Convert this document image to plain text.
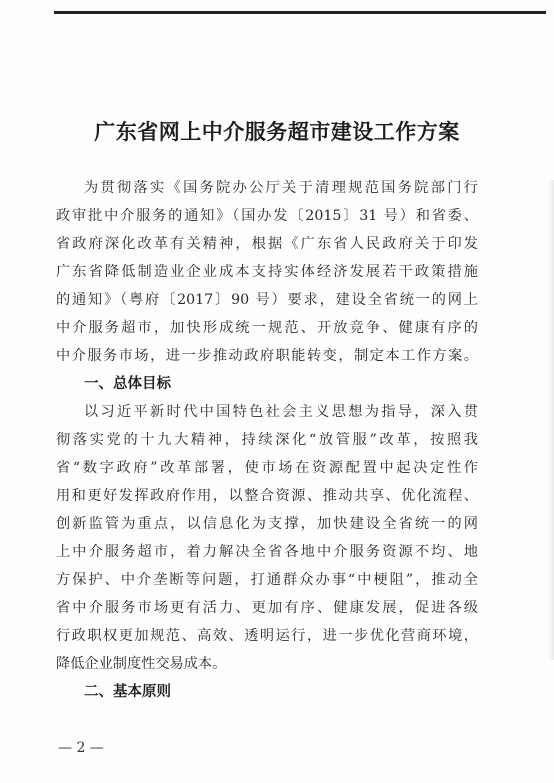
广东省网上中介服务超市建设工作方案
为贯彻落实《国务院办公厅关于清理规范国务院部门行
政审批中介服务的通知》（国办发〔2015〕31 号）和省委、
省政府深化改革有关精神，根据《广东省人民政府关于印发
广东省降低制造业企业成本支持实体经济发展若干政策措施
的通知》（粤府〔2017〕90 号）要求，建设全省统一的网上
中介服务超市，加快形成统一规范、开放竞争、健康有序的
中介服务市场，进一步推动政府职能转变，制定本工作方案。
一、总体目标
以习近平新时代中国特色社会主义思想为指导，深入贯
彻落实党的十九大精神，持续深化“放管服”改革，按照我
省“数字政府”改革部署，使市场在资源配置中起决定性作
用和更好发挥政府作用，以整合资源、推动共享、优化流程、
创新监管为重点，以信息化为支撑，加快建设全省统一的网
上中介服务超市，着力解决全省各地中介服务资源不均、地
方保护、中介垄断等问题，打通群众办事“中梗阻”，推动全
省中介服务市场更有活力、更加有序、健康发展，促进各级
行政职权更加规范、高效、透明运行，进一步优化营商环境，
降低企业制度性交易成本。
二、基本原则
— 2 —
